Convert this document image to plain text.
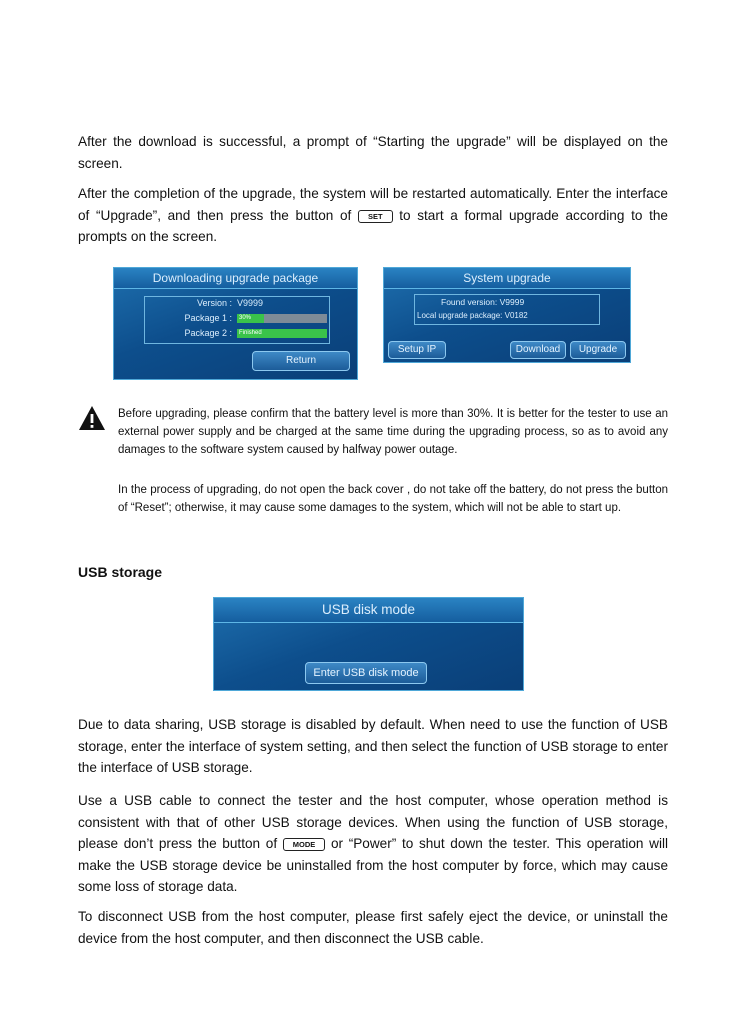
After the download is successful, a prompt of “Starting the upgrade” will be displayed on the screen.

After the completion of the upgrade, the system will be restarted automatically. Enter the interface of “Upgrade”, and then press the button of SET to start a formal upgrade according to the prompts on the screen.

Downloading upgrade package
Version : V9999
Package 1 :	30%
Package 2 :	Finished
Return
System upgrade
Found version: V9999
Local upgrade package: V0182
Setup IP	Download	Upgrade

Before upgrading, please confirm that the battery level is more than 30%. It is better for the tester to use an external power supply and be charged at the same time during the upgrading process, so as to avoid any damages to the software system caused by halfway power outage.

In the process of upgrading, do not open the back cover , do not take off the battery, do not press the button of “Reset”; otherwise, it may cause some damages to the system, which will not be able to start up.

USB storage
USB disk mode
Enter USB disk mode

Due to data sharing, USB storage is disabled by default. When need to use the function of USB storage, enter the interface of system setting, and then select the function of USB storage to enter the interface of USB storage.

Use a USB cable to connect the tester and the host computer, whose operation method is consistent with that of other USB storage devices. When using the function of USB storage, please don’t press the button of MODE or “Power” to shut down the tester. This operation will make the USB storage device be uninstalled from the host computer by force, which may cause some loss of storage data.

To disconnect USB from the host computer, please first safely eject the device, or uninstall the device from the host computer, and then disconnect the USB cable.
